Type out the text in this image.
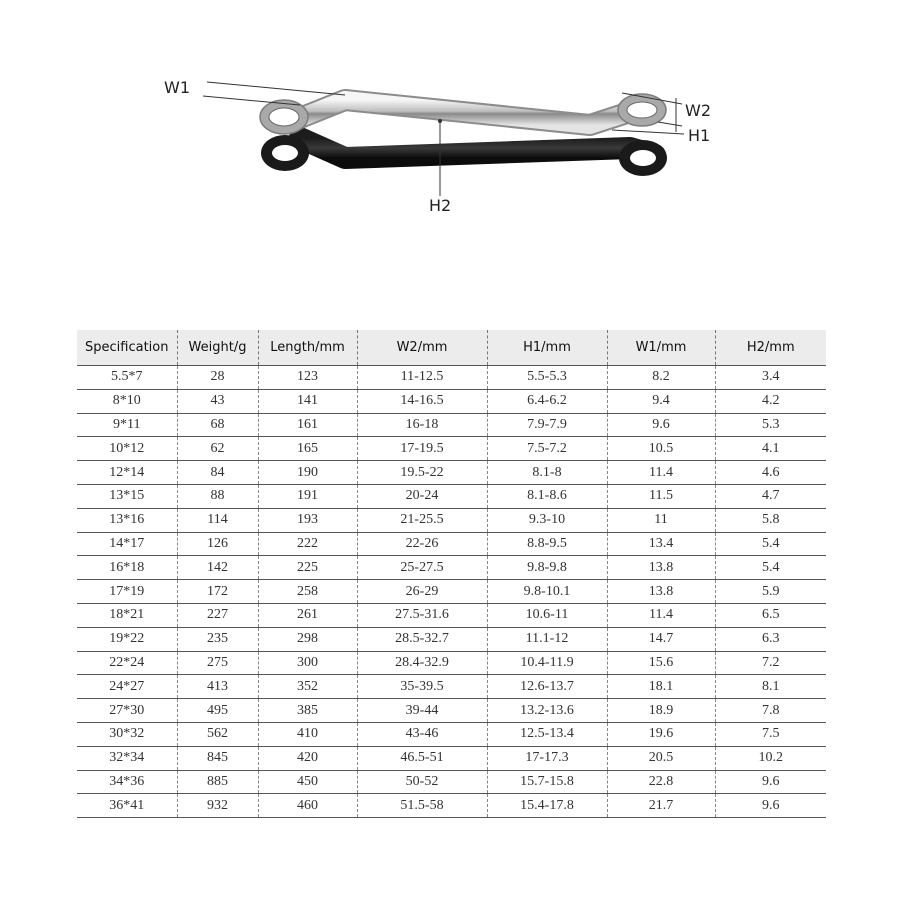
W1
W2
H1
H2
Specification	Weight/g	Length/mm	W2/mm	H1/mm	W1/mm	H2/mm
5.5*7	28	123	11-12.5	5.5-5.3	8.2	3.4
8*10	43	141	14-16.5	6.4-6.2	9.4	4.2
9*11	68	161	16-18	7.9-7.9	9.6	5.3
10*12	62	165	17-19.5	7.5-7.2	10.5	4.1
12*14	84	190	19.5-22	8.1-8	11.4	4.6
13*15	88	191	20-24	8.1-8.6	11.5	4.7
13*16	114	193	21-25.5	9.3-10	11	5.8
14*17	126	222	22-26	8.8-9.5	13.4	5.4
16*18	142	225	25-27.5	9.8-9.8	13.8	5.4
17*19	172	258	26-29	9.8-10.1	13.8	5.9
18*21	227	261	27.5-31.6	10.6-11	11.4	6.5
19*22	235	298	28.5-32.7	11.1-12	14.7	6.3
22*24	275	300	28.4-32.9	10.4-11.9	15.6	7.2
24*27	413	352	35-39.5	12.6-13.7	18.1	8.1
27*30	495	385	39-44	13.2-13.6	18.9	7.8
30*32	562	410	43-46	12.5-13.4	19.6	7.5
32*34	845	420	46.5-51	17-17.3	20.5	10.2
34*36	885	450	50-52	15.7-15.8	22.8	9.6
36*41	932	460	51.5-58	15.4-17.8	21.7	9.6
